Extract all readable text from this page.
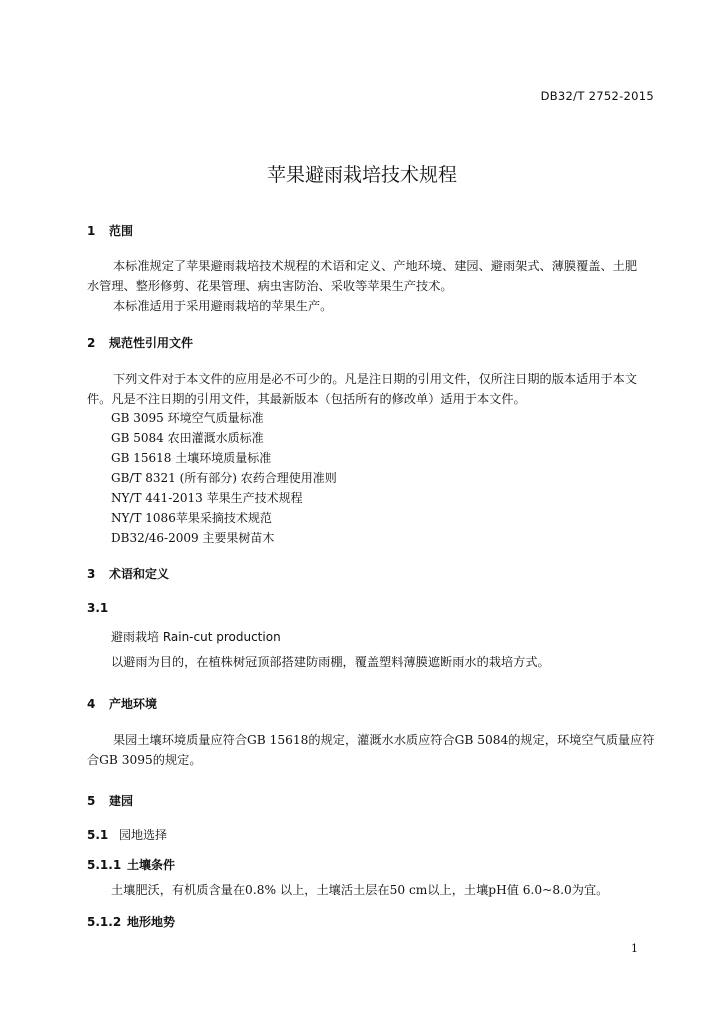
DB32/T 2752-2015
苹果避雨栽培技术规程
1 范围

本标准规定了苹果避雨栽培技术规程的术语和定义、产地环境、建园、避雨架式、薄膜覆盖、土肥

水管理、整形修剪、花果管理、病虫害防治、采收等苹果生产技术。

本标准适用于采用避雨栽培的苹果生产。

2 规范性引用文件

下列文件对于本文件的应用是必不可少的。凡是注日期的引用文件，仅所注日期的版本适用于本文

件。凡是不注日期的引用文件，其最新版本（包括所有的修改单）适用于本文件。

GB 3095 环境空气质量标准
GB 5084 农田灌溉水质标准
GB 15618 土壤环境质量标准
GB/T 8321 (所有部分) 农药合理使用准则
NY/T 441-2013 苹果生产技术规程
NY/T 1086苹果采摘技术规范
DB32/46-2009 主要果树苗木
3 术语和定义
3.1
避雨栽培 Rain-cut production
以避雨为目的，在植株树冠顶部搭建防雨棚，覆盖塑料薄膜遮断雨水的栽培方式。
4 产地环境

果园土壤环境质量应符合GB 15618的规定，灌溉水水质应符合GB 5084的规定，环境空气质量应符

合GB 3095的规定。

5 建园
5.1 园地选择
5.1.1 土壤条件
土壤肥沃，有机质含量在0.8% 以上，土壤活土层在50 cm以上，土壤pH值 6.0~8.0为宜。
5.1.2 地形地势
1
